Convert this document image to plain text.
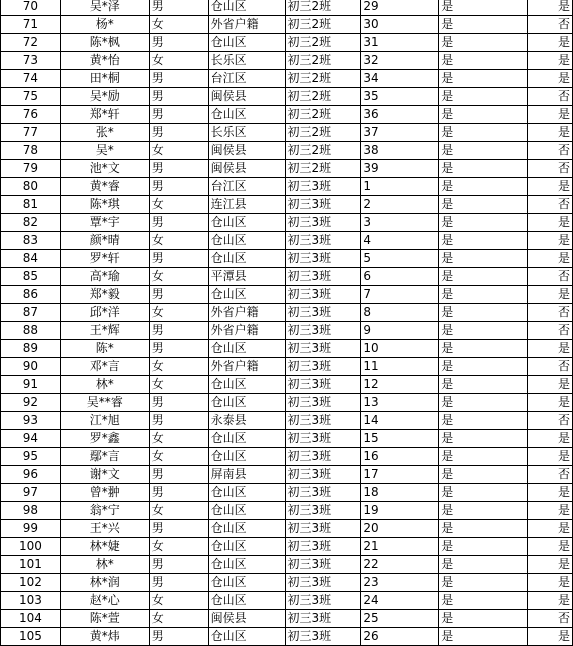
70	吴*泽	男	仓山区	初三2班	29	是	是
71	杨*	女	外省户籍	初三2班	30	是	否
72	陈*枫	男	仓山区	初三2班	31	是	是
73	黄*怡	女	长乐区	初三2班	32	是	是
74	田*桐	男	台江区	初三2班	34	是	是
75	吴*励	男	闽侯县	初三2班	35	是	否
76	郑*轩	男	仓山区	初三2班	36	是	是
77	张*	男	长乐区	初三2班	37	是	是
78	吴*	女	闽侯县	初三2班	38	是	否
79	池*文	男	闽侯县	初三2班	39	是	否
80	黄*睿	男	台江区	初三3班	1	是	是
81	陈*琪	女	连江县	初三3班	2	是	否
82	覃*宇	男	仓山区	初三3班	3	是	是
83	颜*晴	女	仓山区	初三3班	4	是	是
84	罗*轩	男	仓山区	初三3班	5	是	是
85	高*瑜	女	平潭县	初三3班	6	是	否
86	郑*毅	男	仓山区	初三3班	7	是	是
87	邱*洋	女	外省户籍	初三3班	8	是	否
88	王*辉	男	外省户籍	初三3班	9	是	否
89	陈*	男	仓山区	初三3班	10	是	是
90	邓*言	女	外省户籍	初三3班	11	是	否
91	林*	女	仓山区	初三3班	12	是	是
92	吴**睿	男	仓山区	初三3班	13	是	是
93	江*旭	男	永泰县	初三3班	14	是	否
94	罗*鑫	女	仓山区	初三3班	15	是	是
95	鄢*言	女	仓山区	初三3班	16	是	是
96	谢*文	男	屏南县	初三3班	17	是	否
97	曾*翀	男	仓山区	初三3班	18	是	是
98	翁*宁	女	仓山区	初三3班	19	是	是
99	王*兴	男	仓山区	初三3班	20	是	是
100	林*婕	女	仓山区	初三3班	21	是	是
101	林*	男	仓山区	初三3班	22	是	是
102	林*润	男	仓山区	初三3班	23	是	是
103	赵*心	女	仓山区	初三3班	24	是	是
104	陈*萱	女	闽侯县	初三3班	25	是	否
105	黄*炜	男	仓山区	初三3班	26	是	是
